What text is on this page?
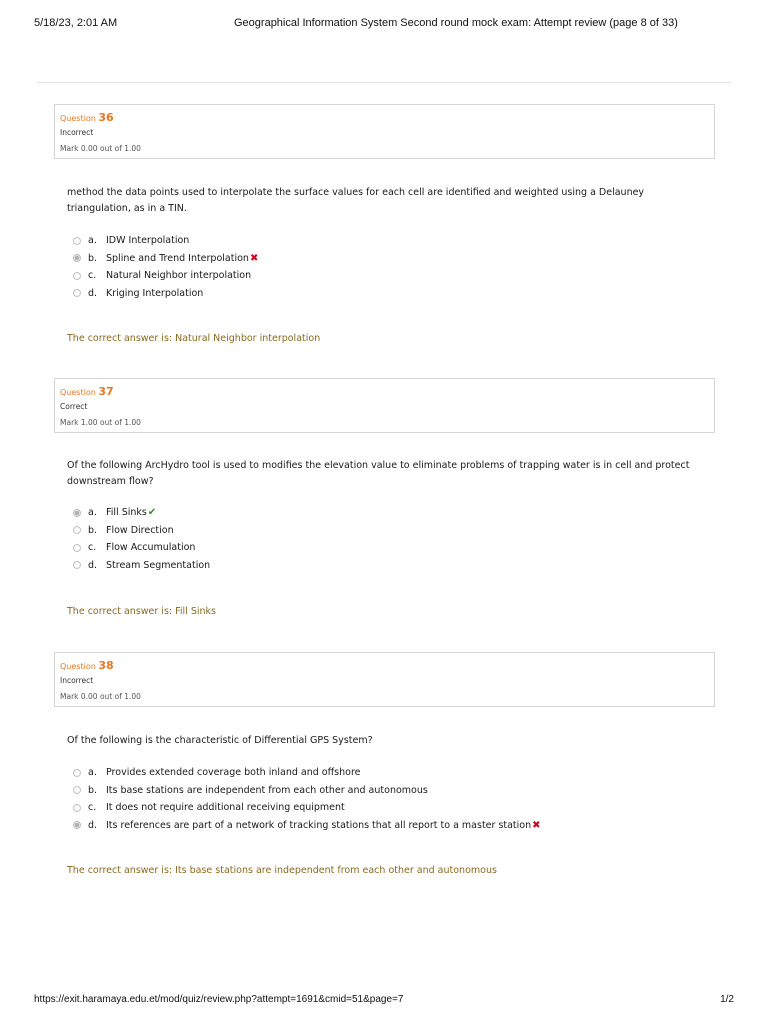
5/18/23, 2:01 AM	Geographical Information System Second round mock exam: Attempt review (page 8 of 33)
Question 36
Incorrect
Mark 0.00 out of 1.00
method the data points used to interpolate the surface values for each cell are identified and weighted using a Delauney triangulation, as in a TIN.
a. IDW Interpolation
b. Spline and Trend Interpolation ✖
c.	Natural Neighbor interpolation
d. Kriging Interpolation
The correct answer is: Natural Neighbor interpolation
Question 37
Correct
Mark 1.00 out of 1.00
Of the following ArcHydro tool is used to modifies the elevation value to eliminate problems of trapping water is in cell and protect downstream flow?
a. Fill Sinks ✔
b. Flow Direction
c.	Flow Accumulation
d. Stream Segmentation
The correct answer is: Fill Sinks
Question 38
Incorrect
Mark 0.00 out of 1.00
Of the following is the characteristic of Differential GPS System?
a. Provides extended coverage both inland and offshore
b. Its base stations are independent from each other and autonomous
c.	It does not require additional receiving equipment
d. Its references are part of a network of tracking stations that all report to a master station ✖
The correct answer is: Its base stations are independent from each other and autonomous
https://exit.haramaya.edu.et/mod/quiz/review.php?attempt=1691&cmid=51&page=7	1/2
